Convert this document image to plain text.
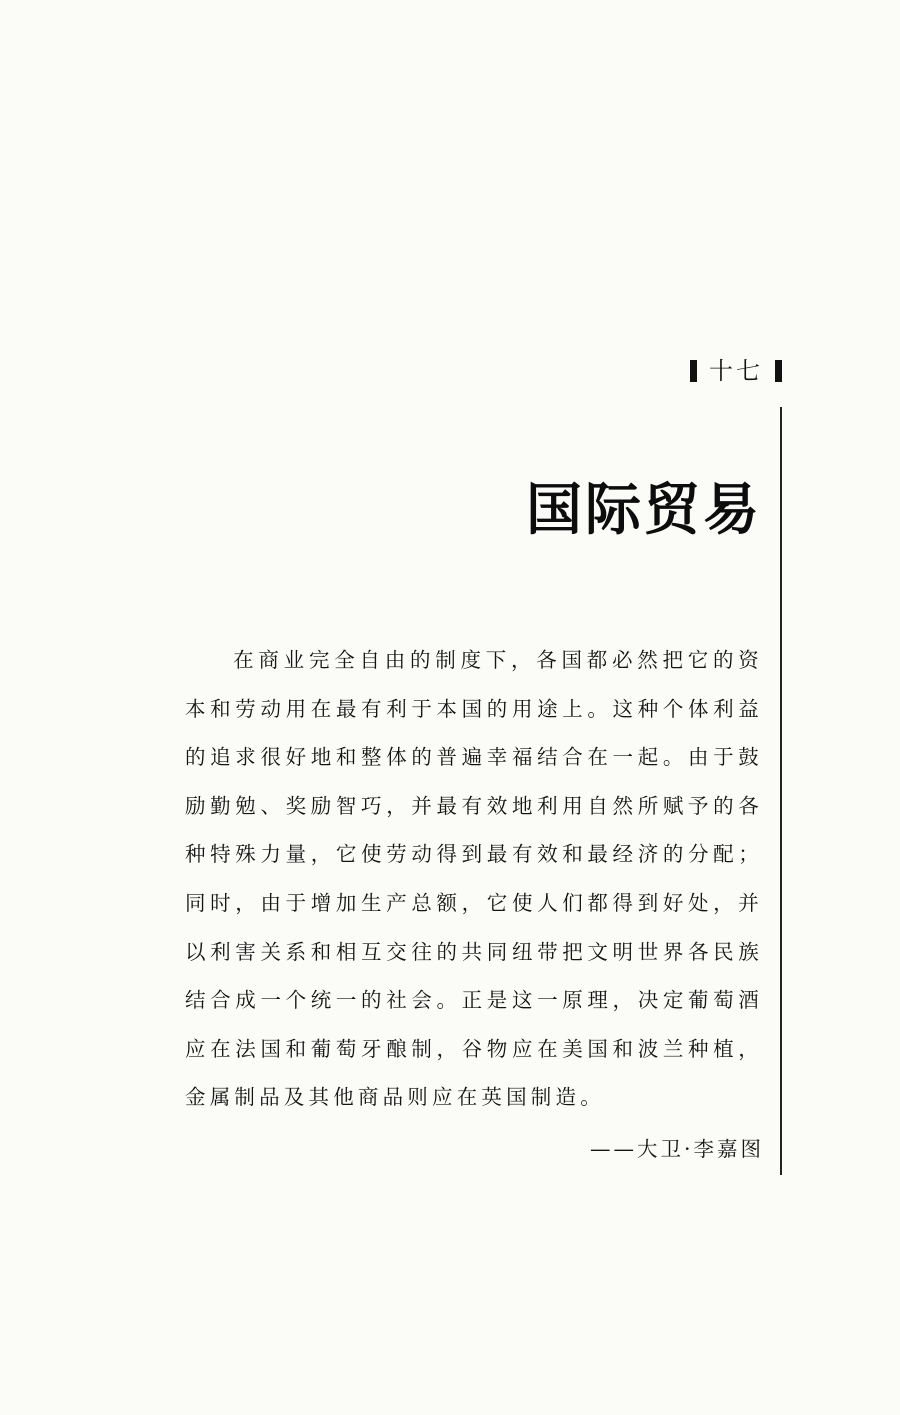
十七
国际贸易

在商业完全自由的制度下，各国都必然把它的资本和劳动用在最有利于本国的用途上。这种个体利益的追求很好地和整体的普遍幸福结合在一起。由于鼓励勤勉、奖励智巧，并最有效地利用自然所赋予的各种特殊力量，它使劳动得到最有效和最经济的分配；同时，由于增加生产总额，它使人们都得到好处，并以利害关系和相互交往的共同纽带把文明世界各民族结合成一个统一的社会。正是这一原理，决定葡萄酒应在法国和葡萄牙酿制，谷物应在美国和波兰种植，金属制品及其他商品则应在英国制造。

——大卫·李嘉图
